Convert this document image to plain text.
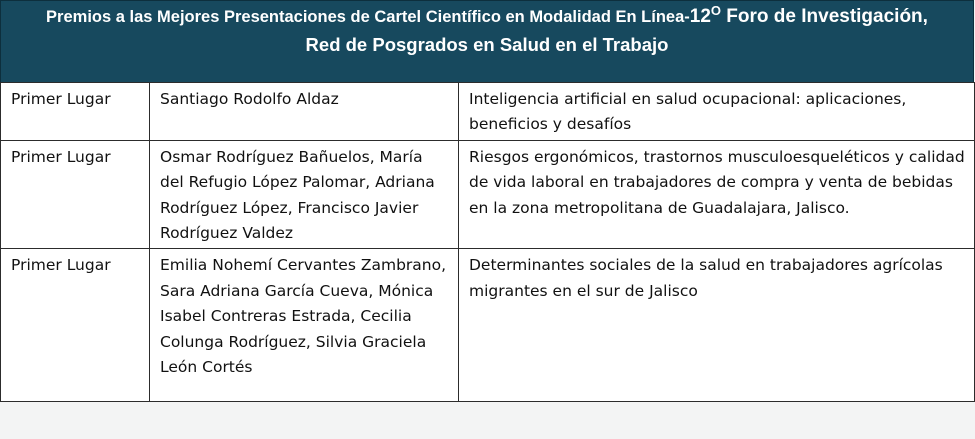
Premios a las Mejores Presentaciones de Cartel Científico en Modalidad En Línea-$12^O$ Foro de Investigación,
Red de Posgrados en Salud en el Trabajo
Primer Lugar	Santiago Rodolfo Aldaz	Inteligencia artificial en salud ocupacional: aplicaciones, beneficios y desafíos
Primer Lugar	Osmar Rodríguez Bañuelos, María del Refugio López Palomar, Adriana Rodríguez López, Francisco Javier Rodríguez Valdez	Riesgos ergonómicos, trastornos musculoesqueléticos y calidad de vida laboral en trabajadores de compra y venta de bebidas en la zona metropolitana de Guadalajara, Jalisco.
Primer Lugar	Emilia Nohemí Cervantes Zambrano, Sara Adriana García Cueva, Mónica Isabel Contreras Estrada, Cecilia Colunga Rodríguez, Silvia Graciela León Cortés	Determinantes sociales de la salud en trabajadores agrícolas migrantes en el sur de Jalisco
